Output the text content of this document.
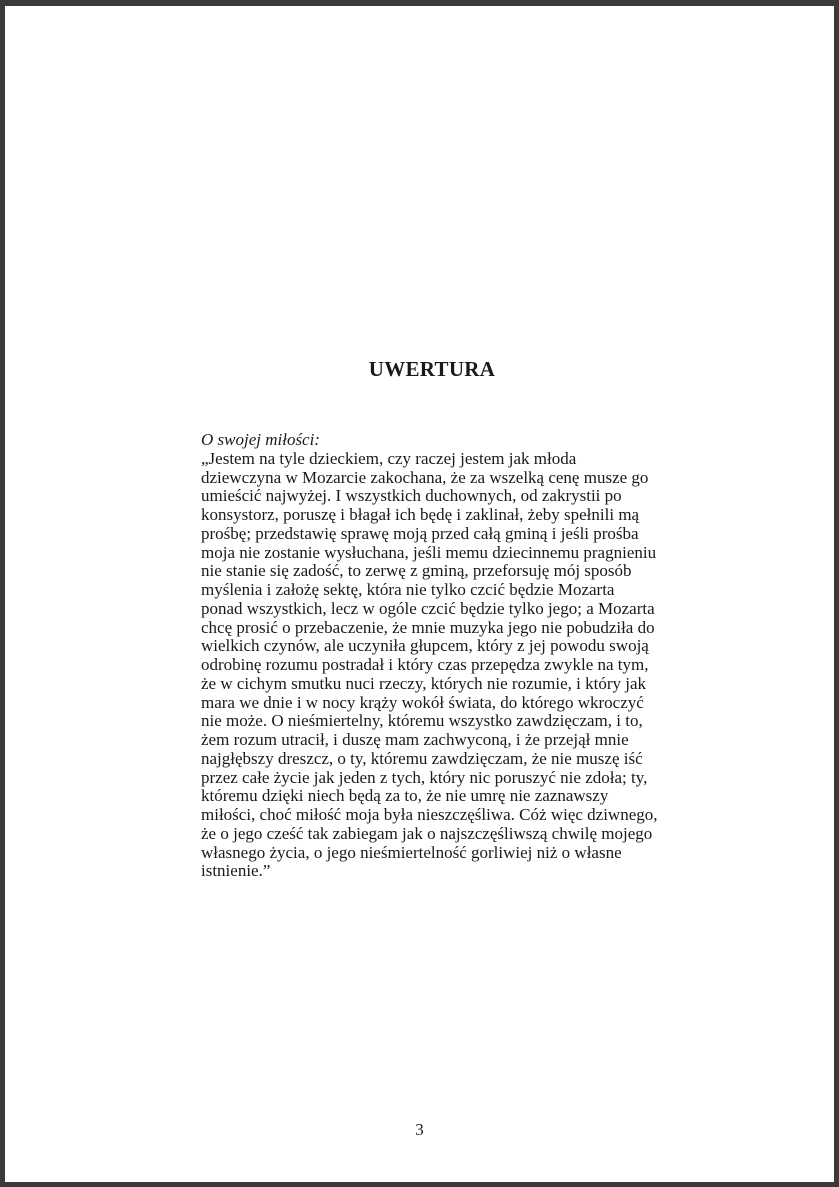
UWERTURA
O swojej miłości:
„Jestem na tyle dzieckiem, czy raczej jestem jak młoda
dziewczyna w Mozarcie zakochana, że za wszelką cenę musze go
umieścić najwyżej. I wszystkich duchownych, od zakrystii po
konsystorz, poruszę i błagał ich będę i zaklinał, żeby spełnili mą
prośbę; przedstawię sprawę moją przed całą gminą i jeśli prośba
moja nie zostanie wysłuchana, jeśli memu dziecinnemu pragnieniu
nie stanie się zadość, to zerwę z gminą, przeforsuję mój sposób
myślenia i założę sektę, która nie tylko czcić będzie Mozarta
ponad wszystkich, lecz w ogóle czcić będzie tylko jego; a Mozarta
chcę prosić o przebaczenie, że mnie muzyka jego nie pobudziła do
wielkich czynów, ale uczyniła głupcem, który z jej powodu swoją
odrobinę rozumu postradał i który czas przepędza zwykle na tym,
że w cichym smutku nuci rzeczy, których nie rozumie, i który jak
mara we dnie i w nocy krąży wokół świata, do którego wkroczyć
nie może. O nieśmiertelny, któremu wszystko zawdzięczam, i to,
żem rozum utracił, i duszę mam zachwyconą, i że przejął mnie
najgłębszy dreszcz, o ty, któremu zawdzięczam, że nie muszę iść
przez całe życie jak jeden z tych, który nic poruszyć nie zdoła; ty,
któremu dzięki niech będą za to, że nie umrę nie zaznawszy
miłości, choć miłość moja była nieszczęśliwa. Cóż więc dziwnego,
że o jego cześć tak zabiegam jak o najszczęśliwszą chwilę mojego
własnego życia, o jego nieśmiertelność gorliwiej niż o własne
istnienie.”
3
